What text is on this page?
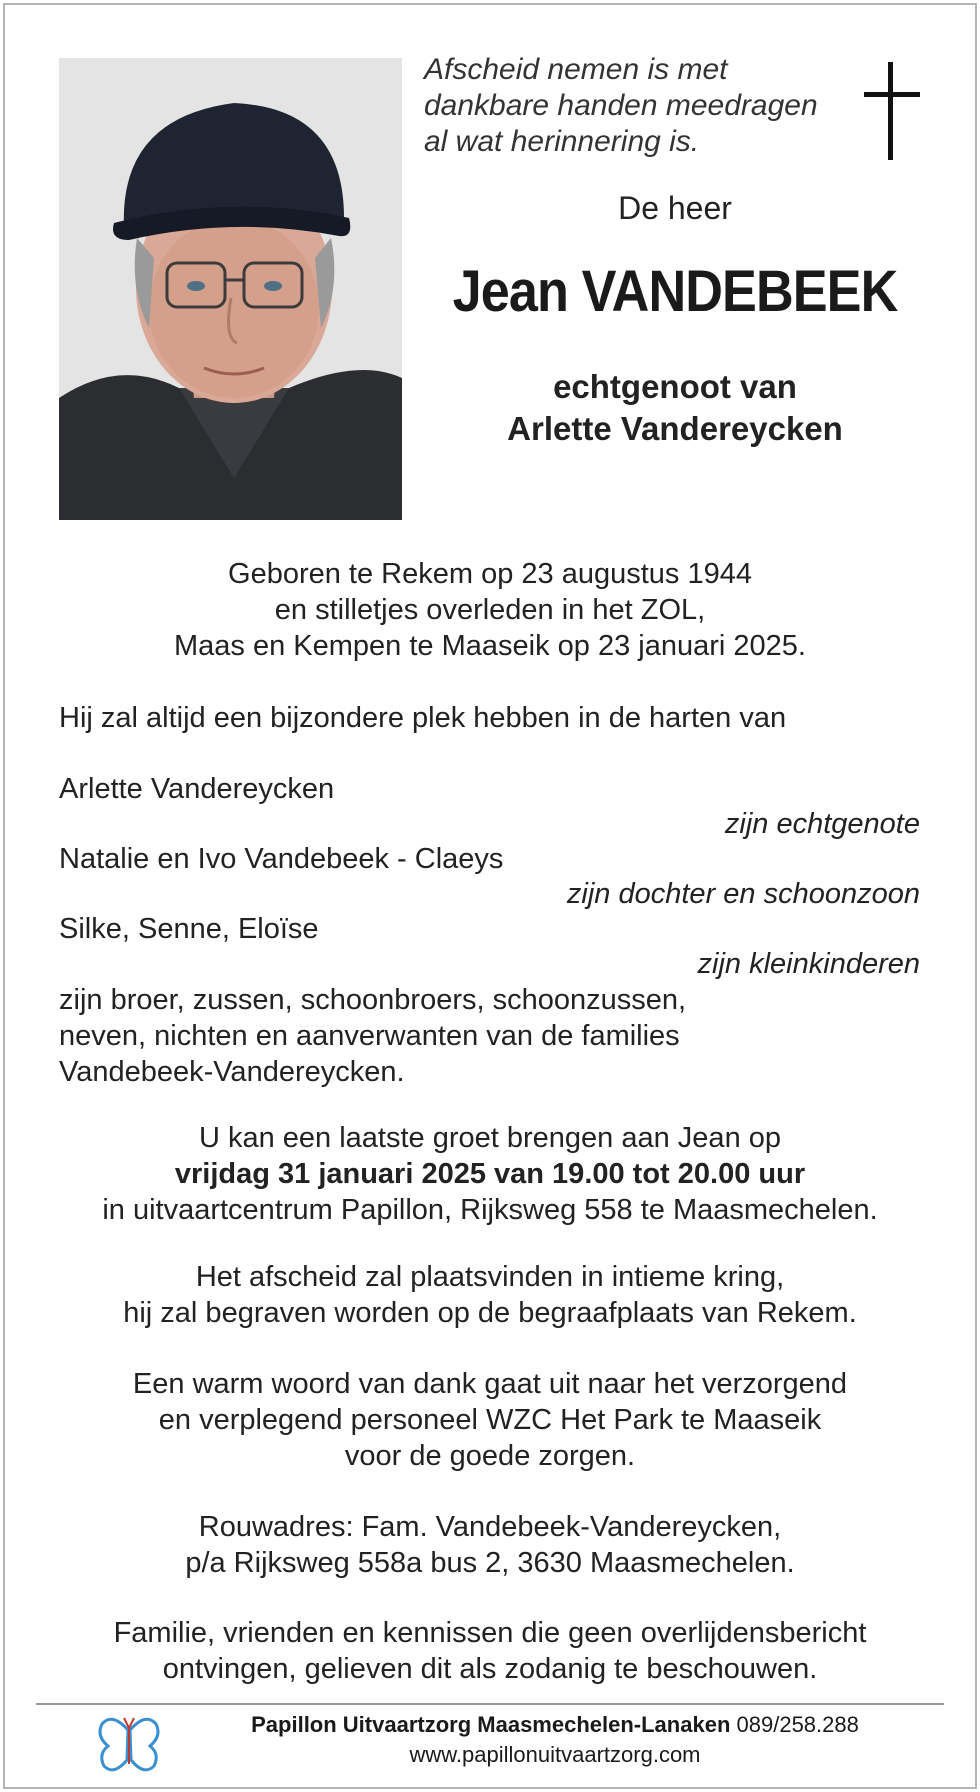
Afscheid nemen is met
dankbare handen meedragen
al wat herinnering is.
De heer
Jean VANDEBEEK
echtgenoot van
Arlette Vandereycken
Geboren te Rekem op 23 augustus 1944
en stilletjes overleden in het ZOL,
Maas en Kempen te Maaseik op 23 januari 2025.
Hij zal altijd een bijzondere plek hebben in de harten van
Arlette Vandereycken
zijn echtgenote
Natalie en Ivo Vandebeek - Claeys
zijn dochter en schoonzoon
Silke, Senne, Eloïse
zijn kleinkinderen
zijn broer, zussen, schoonbroers, schoonzussen,
neven, nichten en aanverwanten van de families
Vandebeek-Vandereycken.
U kan een laatste groet brengen aan Jean op
vrijdag 31 januari 2025 van 19.00 tot 20.00 uur
in uitvaartcentrum Papillon, Rijksweg 558 te Maasmechelen.
Het afscheid zal plaatsvinden in intieme kring,
hij zal begraven worden op de begraafplaats van Rekem.
Een warm woord van dank gaat uit naar het verzorgend
en verplegend personeel WZC Het Park te Maaseik
voor de goede zorgen.
Rouwadres: Fam. Vandebeek-Vandereycken,
p/a Rijksweg 558a bus 2, 3630 Maasmechelen.
Familie, vrienden en kennissen die geen overlijdensbericht
ontvingen, gelieven dit als zodanig te beschouwen.
Papillon Uitvaartzorg Maasmechelen-Lanaken 089/258.288
www.papillonuitvaartzorg.com
